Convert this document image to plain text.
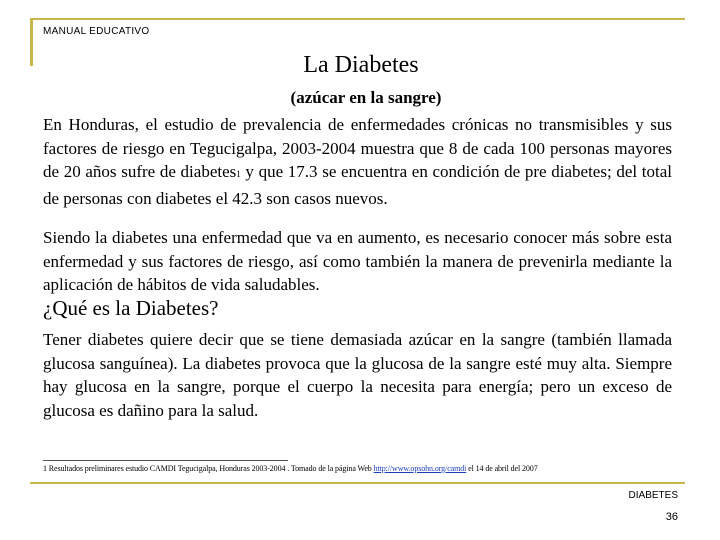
MANUAL EDUCATIVO
La Diabetes
(azúcar en la sangre)
En Honduras, el estudio de prevalencia de enfermedades crónicas no transmisibles y sus factores de riesgo en Tegucigalpa, 2003-2004 muestra que 8 de cada 100 personas mayores de 20 años sufre de diabetes1 y que 17.3 se encuentra en condición de pre diabetes; del total de personas con diabetes el 42.3 son casos nuevos.
Siendo la diabetes una enfermedad que va en aumento, es necesario conocer más sobre esta enfermedad y sus factores de riesgo, así como también la manera de prevenirla mediante la aplicación de hábitos de vida saludables.
¿Qué es la Diabetes?
Tener diabetes quiere decir que se tiene demasiada azúcar en la sangre (también llamada glucosa sanguínea). La diabetes provoca que la glucosa de la sangre esté muy alta. Siempre hay glucosa en la sangre, porque el cuerpo la necesita para energía; pero un exceso de glucosa es dañino para la salud.
1 Resultados preliminares estudio CAMDI Tegucigalpa, Honduras 2003-2004 . Tomado de la página Web http://www.opsohn.org/camdi el 14 de abril del 2007
DIABETES
36
